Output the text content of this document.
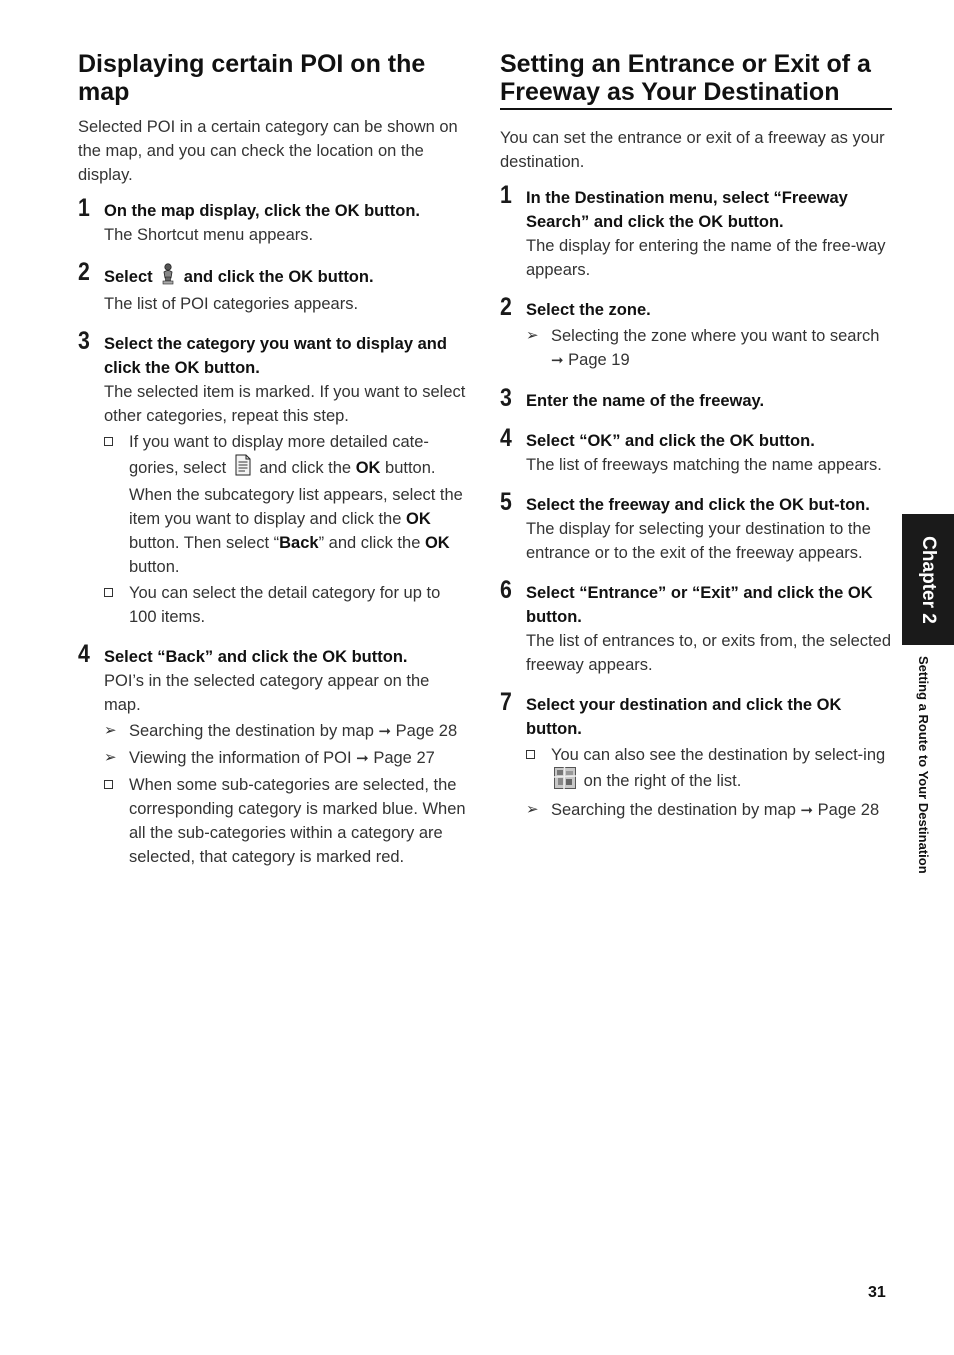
Displaying certain POI on the map

Selected POI in a certain category can be shown on the map, and you can check the location on the display.

1 On the map display, click the OK button.
The Shortcut menu appears.
2 Select  and click the OK button.
The list of POI categories appears.
3 Select the category you want to display and click the OK button.
The selected item is marked. If you want to select other categories, repeat this step.
If you want to display more detailed cate-gories, select  and click the OK button. When the subcategory list appears, select the item you want to display and click the OK button. Then select “Back” and click the OK button.
You can select the detail category for up to 100 items.
4 Select “Back” and click the OK button.
POI’s in the selected category appear on the map.
➢ Searching the destination by map ➞ Page 28
➢ Viewing the information of POI ➞ Page 27
When some sub-categories are selected, the corresponding category is marked blue. When all the sub-categories within a category are selected, that category is marked red.
Setting an Entrance or Exit of a Freeway as Your Destination

You can set the entrance or exit of a freeway as your destination.

1 In the Destination menu, select “Freeway Search” and click the OK button.
The display for entering the name of the free-way appears.
2 Select the zone.
➢ Selecting the zone where you want to search ➞ Page 19
3 Enter the name of the freeway.
4 Select “OK” and click the OK button.
The list of freeways matching the name appears.
5 Select the freeway and click the OK but-ton.
The display for selecting your destination to the entrance or to the exit of the freeway appears.
6 Select “Entrance” or “Exit” and click the OK button.
The list of entrances to, or exits from, the selected freeway appears.
7 Select your destination and click the OK button.
You can also see the destination by select-ing  on the right of the list.
➢ Searching the destination by map ➞ Page 28
Chapter 2
Setting a Route to Your Destination
31
